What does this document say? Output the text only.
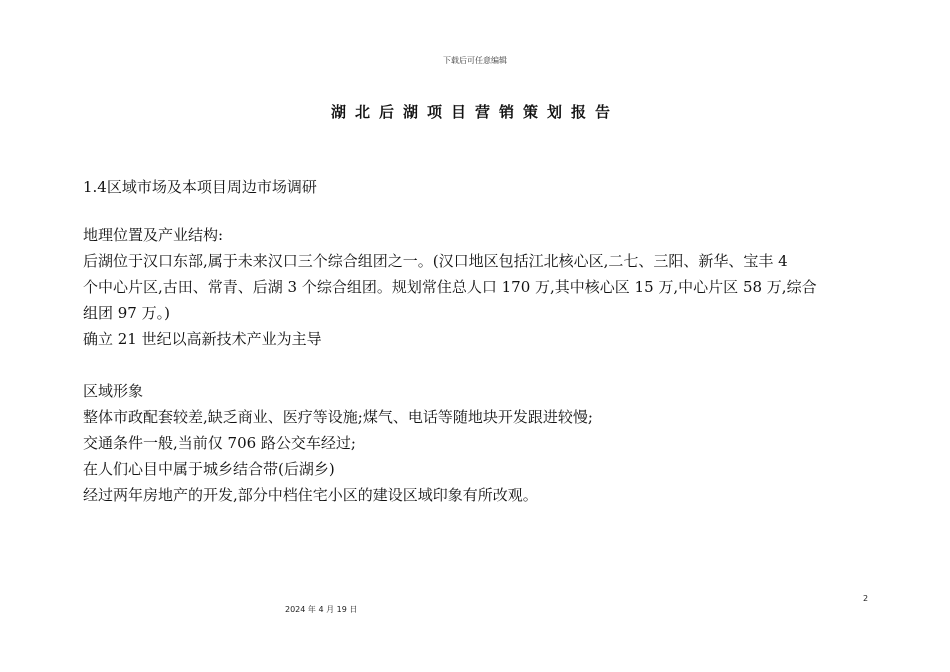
下载后可任意编辑
湖北后湖项目营销策划报告
1.4区域市场及本项目周边市场调研
地理位置及产业结构:
后湖位于汉口东部,属于未来汉口三个综合组团之一。(汉口地区包括江北核心区,二七、三阳、新华、宝丰 4
个中心片区,古田、常青、后湖 3 个综合组团。规划常住总人口 170 万,其中核心区 15 万,中心片区 58 万,综合
组团 97 万。)
确立 21 世纪以高新技术产业为主导
区域形象
整体市政配套较差,缺乏商业、医疗等设施;煤气、电话等随地块开发跟进较慢;
交通条件一般,当前仅 706 路公交车经过;
在人们心目中属于城乡结合带(后湖乡)
经过两年房地产的开发,部分中档住宅小区的建设区域印象有所改观。
2
2024 年 4 月 19 日
